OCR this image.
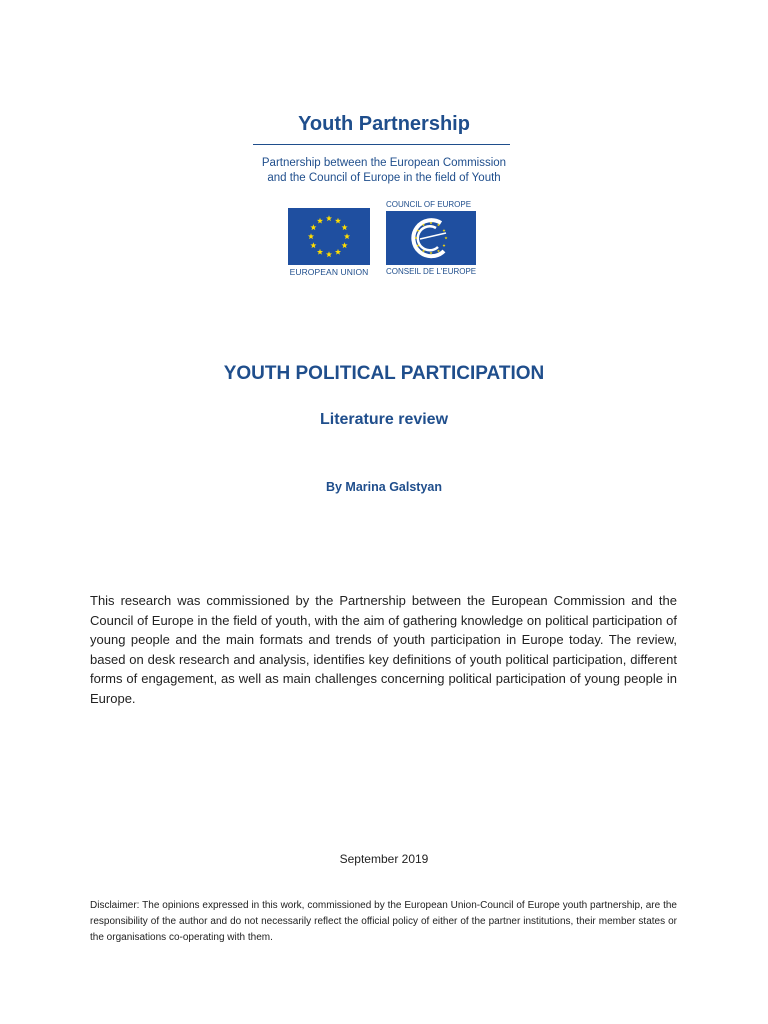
Youth Partnership
Partnership between the European Commission
and the Council of Europe in the field of Youth
EUROPEAN UNION
COUNCIL OF EUROPE
CONSEIL DE L'EUROPE
YOUTH POLITICAL PARTICIPATION
Literature review
By Marina Galstyan

This research was commissioned by the Partnership between the European Commission and the Council of Europe in the field of youth, with the aim of gathering knowledge on political participation of young people and the main formats and trends of youth participation in Europe today. The review, based on desk research and analysis, identifies key definitions of youth political participation, different forms of engagement, as well as main challenges concerning political participation of young people in Europe.

September 2019

Disclaimer: The opinions expressed in this work, commissioned by the European Union-Council of Europe youth partnership, are the responsibility of the author and do not necessarily reflect the official policy of either of the partner institutions, their member states or the organisations co-operating with them.
